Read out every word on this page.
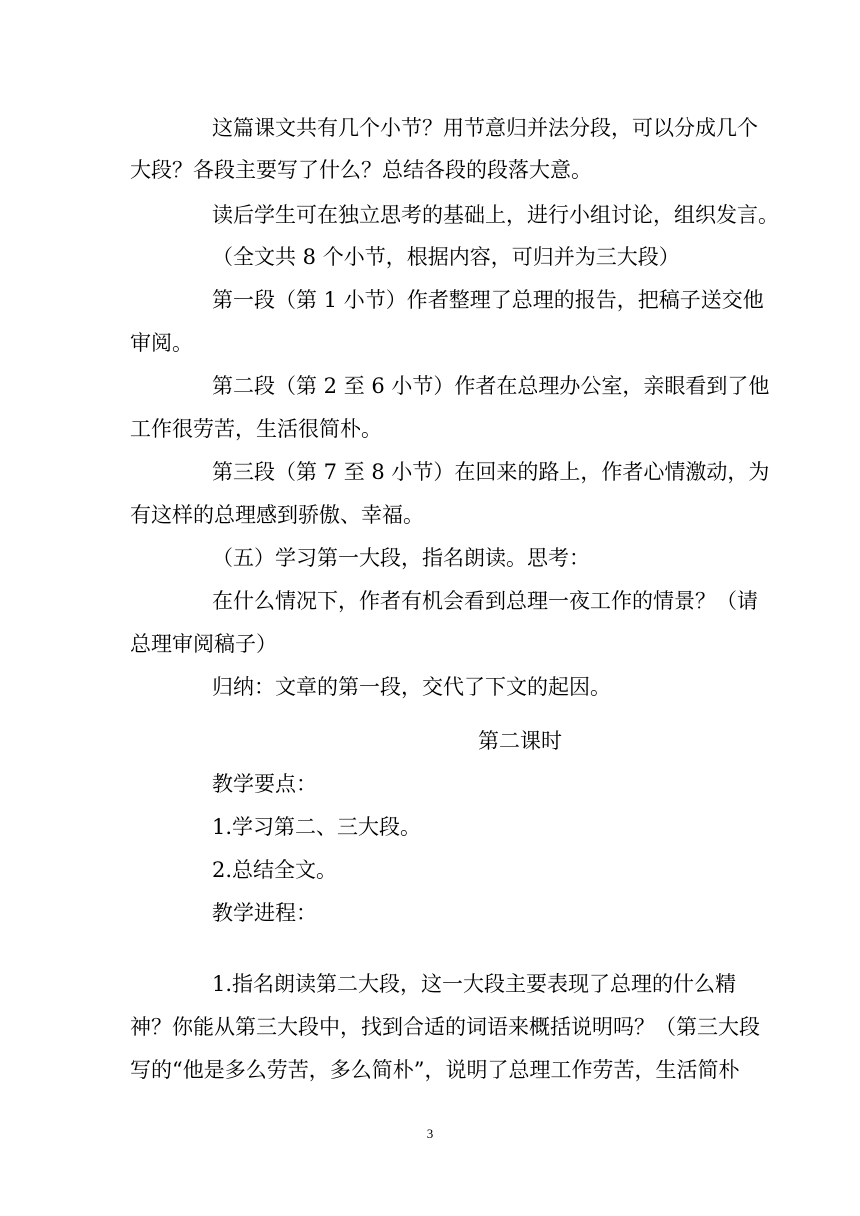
这篇课文共有几个小节？用节意归并法分段，可以分成几个
大段？各段主要写了什么？总结各段的段落大意。
读后学生可在独立思考的基础上，进行小组讨论，组织发言。
（全文共 8 个小节，根据内容，可归并为三大段）
第一段（第 1 小节）作者整理了总理的报告，把稿子送交他
审阅。
第二段（第 2 至 6 小节）作者在总理办公室，亲眼看到了他
工作很劳苦，生活很简朴。
第三段（第 7 至 8 小节）在回来的路上，作者心情激动，为
有这样的总理感到骄傲、幸福。
（五）学习第一大段，指名朗读。思考：
在什么情况下，作者有机会看到总理一夜工作的情景？（请
总理审阅稿子）
归纳：文章的第一段，交代了下文的起因。
第二课时
教学要点：
1.学习第二、三大段。
2.总结全文。
教学进程：
1.指名朗读第二大段，这一大段主要表现了总理的什么精
神？你能从第三大段中，找到合适的词语来概括说明吗？（第三大段
写的“他是多么劳苦，多么简朴”，说明了总理工作劳苦，生活简朴
3
